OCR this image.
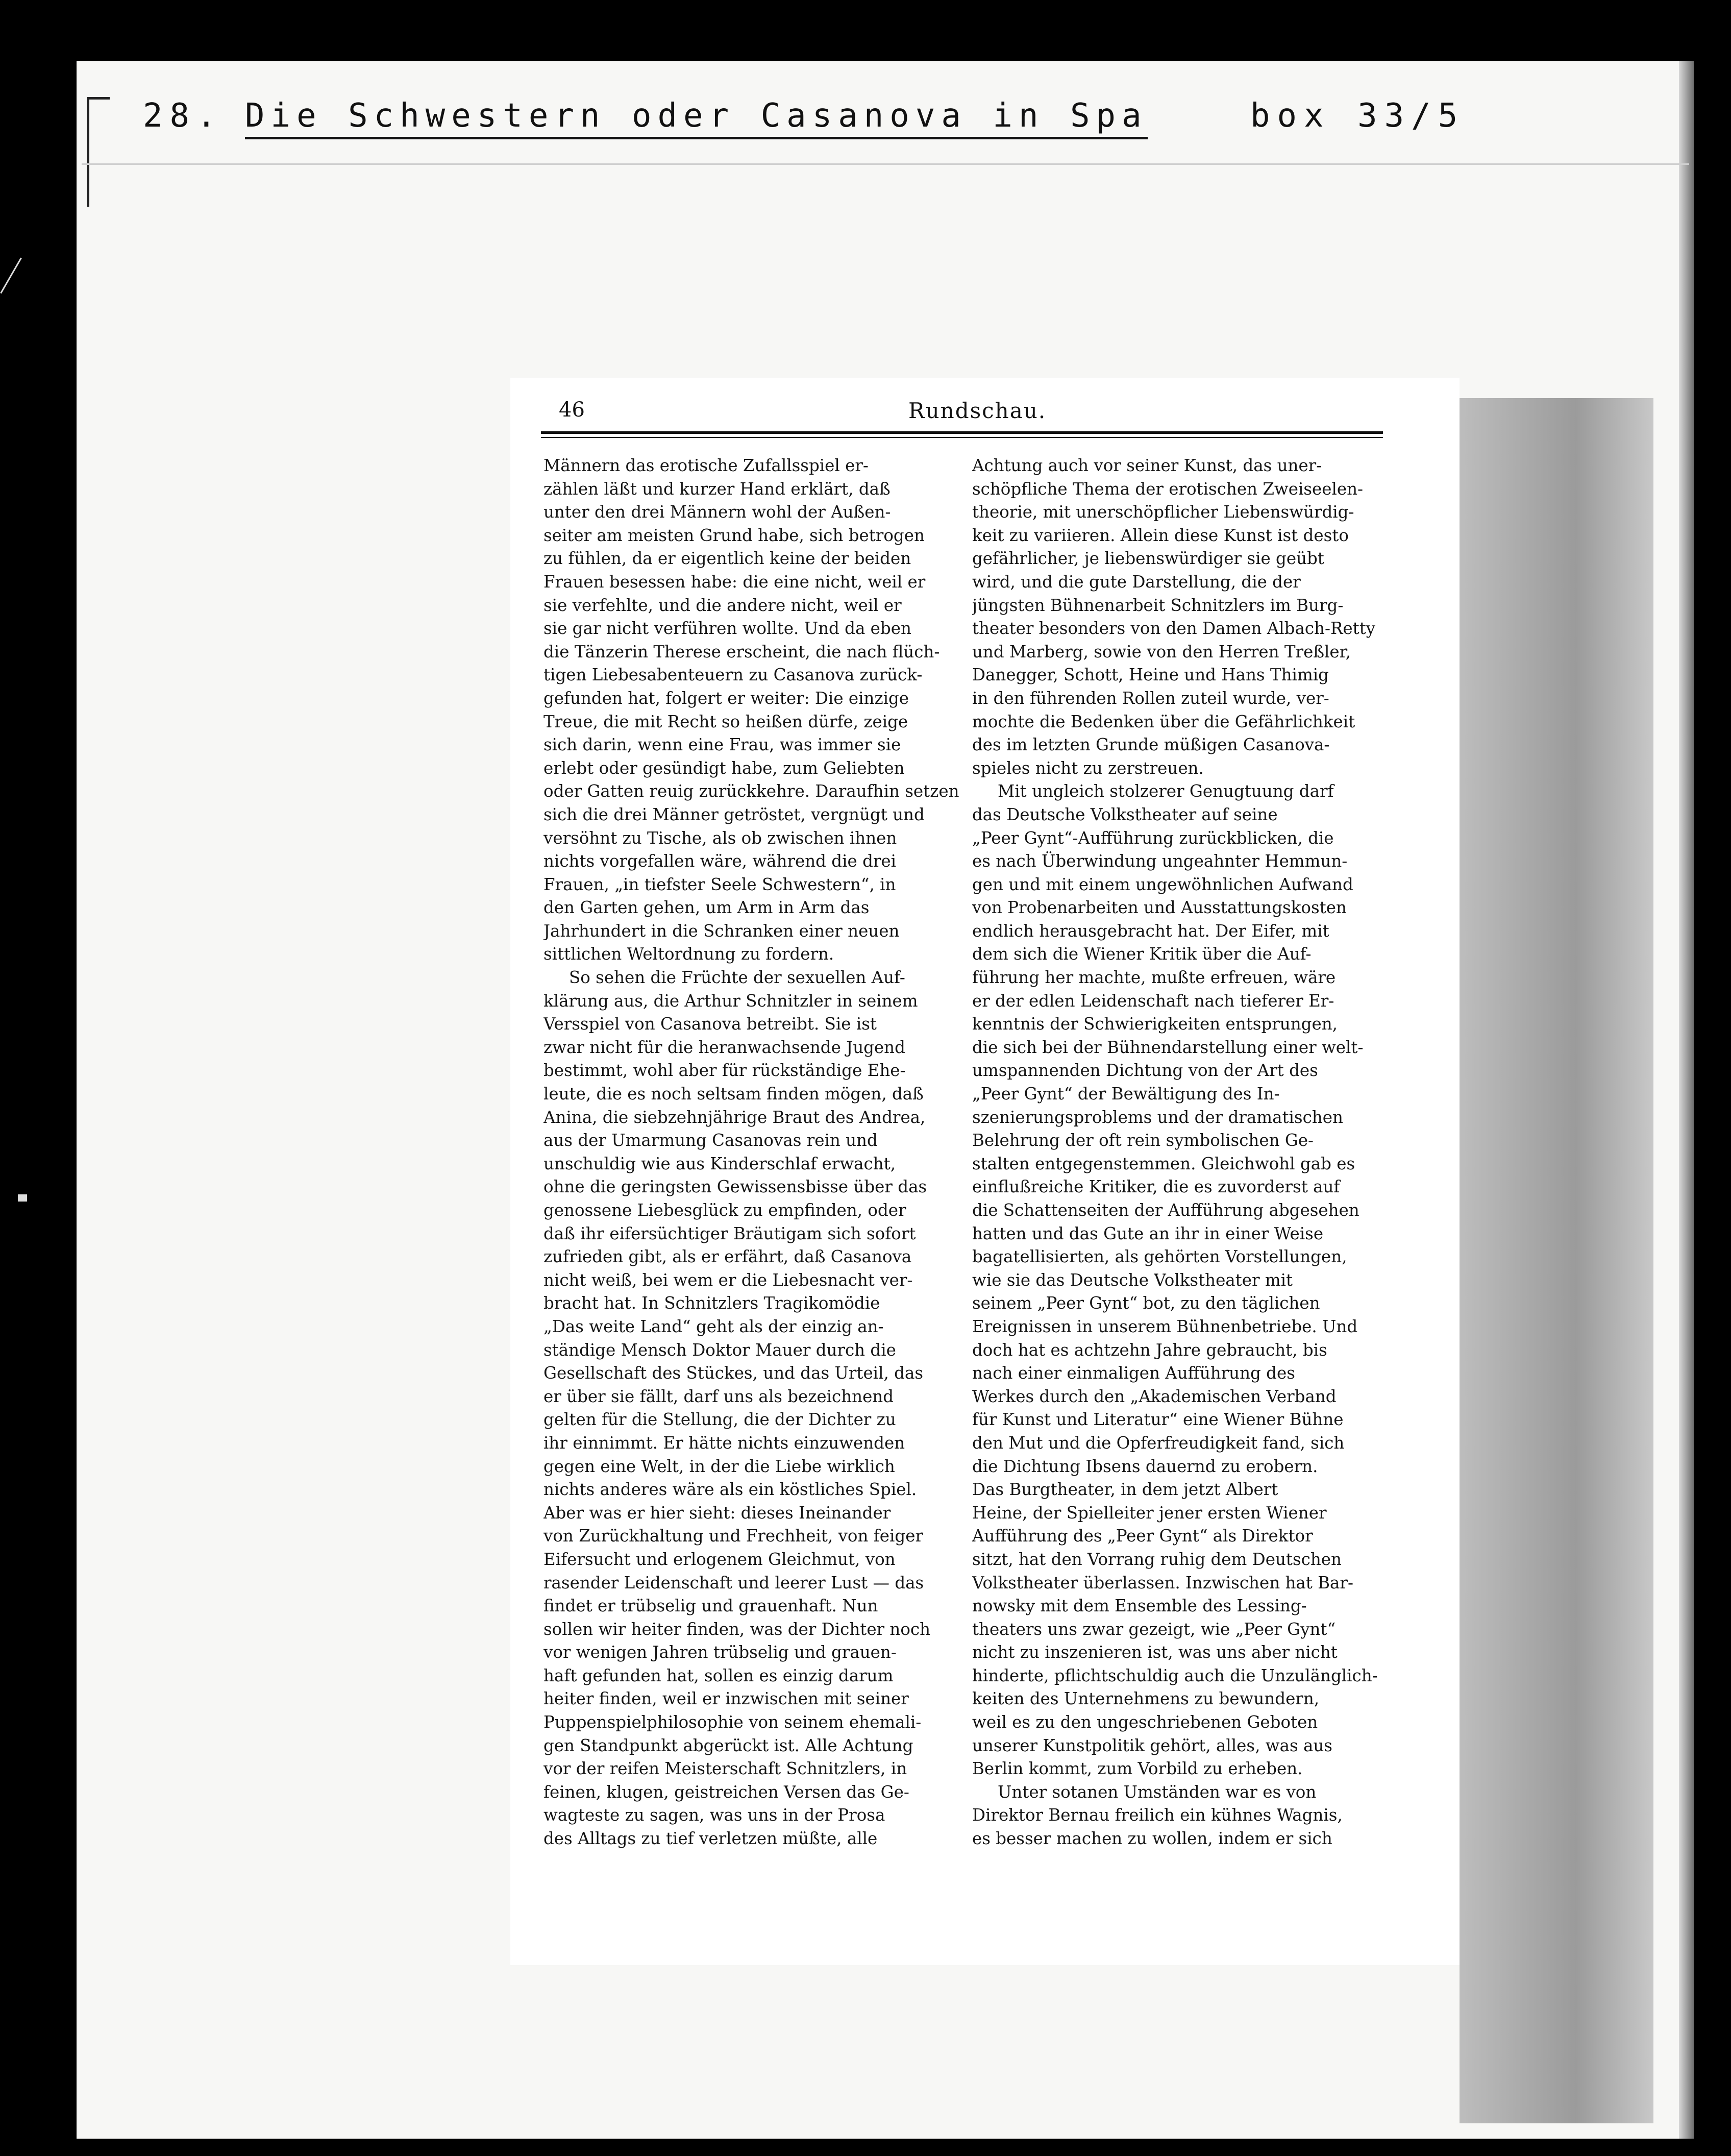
28. Die Schwestern oder Casanova in Spa	box 33/5
46	Rundschau.
Männern das erotische Zufallsspiel er-
zählen läßt und kurzer Hand erklärt, daß
unter den drei Männern wohl der Außen-
seiter am meisten Grund habe, sich betrogen
zu fühlen, da er eigentlich keine der beiden
Frauen besessen habe: die eine nicht, weil er
sie verfehlte, und die andere nicht, weil er
sie gar nicht verführen wollte. Und da eben
die Tänzerin Therese erscheint, die nach flüch-
tigen Liebesabenteuern zu Casanova zurück-
gefunden hat, folgert er weiter: Die einzige
Treue, die mit Recht so heißen dürfe, zeige
sich darin, wenn eine Frau, was immer sie
erlebt oder gesündigt habe, zum Geliebten
oder Gatten reuig zurückkehre. Daraufhin setzen
sich die drei Männer getröstet, vergnügt und
versöhnt zu Tische, als ob zwischen ihnen
nichts vorgefallen wäre, während die drei
Frauen, „in tiefster Seele Schwestern“, in
den Garten gehen, um Arm in Arm das
Jahrhundert in die Schranken einer neuen
sittlichen Weltordnung zu fordern.
So sehen die Früchte der sexuellen Auf-
klärung aus, die Arthur Schnitzler in seinem
Versspiel von Casanova betreibt. Sie ist
zwar nicht für die heranwachsende Jugend
bestimmt, wohl aber für rückständige Ehe-
leute, die es noch seltsam finden mögen, daß
Anina, die siebzehnjährige Braut des Andrea,
aus der Umarmung Casanovas rein und
unschuldig wie aus Kinderschlaf erwacht,
ohne die geringsten Gewissensbisse über das
genossene Liebesglück zu empfinden, oder
daß ihr eifersüchtiger Bräutigam sich sofort
zufrieden gibt, als er erfährt, daß Casanova
nicht weiß, bei wem er die Liebesnacht ver-
bracht hat. In Schnitzlers Tragikomödie
„Das weite Land“ geht als der einzig an-
ständige Mensch Doktor Mauer durch die
Gesellschaft des Stückes, und das Urteil, das
er über sie fällt, darf uns als bezeichnend
gelten für die Stellung, die der Dichter zu
ihr einnimmt. Er hätte nichts einzuwenden
gegen eine Welt, in der die Liebe wirklich
nichts anderes wäre als ein köstliches Spiel.
Aber was er hier sieht: dieses Ineinander
von Zurückhaltung und Frechheit, von feiger
Eifersucht und erlogenem Gleichmut, von
rasender Leidenschaft und leerer Lust — das
findet er trübselig und grauenhaft. Nun
sollen wir heiter finden, was der Dichter noch
vor wenigen Jahren trübselig und grauen-
haft gefunden hat, sollen es einzig darum
heiter finden, weil er inzwischen mit seiner
Puppenspielphilosophie von seinem ehemali-
gen Standpunkt abgerückt ist. Alle Achtung
vor der reifen Meisterschaft Schnitzlers, in
feinen, klugen, geistreichen Versen das Ge-
wagteste zu sagen, was uns in der Prosa
des Alltags zu tief verletzen müßte, alle
Achtung auch vor seiner Kunst, das uner-
schöpfliche Thema der erotischen Zweiseelen-
theorie, mit unerschöpflicher Liebenswürdig-
keit zu variieren. Allein diese Kunst ist desto
gefährlicher, je liebenswürdiger sie geübt
wird, und die gute Darstellung, die der
jüngsten Bühnenarbeit Schnitzlers im Burg-
theater besonders von den Damen Albach-Retty
und Marberg, sowie von den Herren Treßler,
Danegger, Schott, Heine und Hans Thimig
in den führenden Rollen zuteil wurde, ver-
mochte die Bedenken über die Gefährlichkeit
des im letzten Grunde müßigen Casanova-
spieles nicht zu zerstreuen.
Mit ungleich stolzerer Genugtuung darf
das Deutsche Volkstheater auf seine
„Peer Gynt“-Aufführung zurückblicken, die
es nach Überwindung ungeahnter Hemmun-
gen und mit einem ungewöhnlichen Aufwand
von Probenarbeiten und Ausstattungskosten
endlich herausgebracht hat. Der Eifer, mit
dem sich die Wiener Kritik über die Auf-
führung her machte, mußte erfreuen, wäre
er der edlen Leidenschaft nach tieferer Er-
kenntnis der Schwierigkeiten entsprungen,
die sich bei der Bühnendarstellung einer welt-
umspannenden Dichtung von der Art des
„Peer Gynt“ der Bewältigung des In-
szenierungsproblems und der dramatischen
Belehrung der oft rein symbolischen Ge-
stalten entgegenstemmen. Gleichwohl gab es
einflußreiche Kritiker, die es zuvorderst auf
die Schattenseiten der Aufführung abgesehen
hatten und das Gute an ihr in einer Weise
bagatellisierten, als gehörten Vorstellungen,
wie sie das Deutsche Volkstheater mit
seinem „Peer Gynt“ bot, zu den täglichen
Ereignissen in unserem Bühnenbetriebe. Und
doch hat es achtzehn Jahre gebraucht, bis
nach einer einmaligen Aufführung des
Werkes durch den „Akademischen Verband
für Kunst und Literatur“ eine Wiener Bühne
den Mut und die Opferfreudigkeit fand, sich
die Dichtung Ibsens dauernd zu erobern.
Das Burgtheater, in dem jetzt Albert
Heine, der Spielleiter jener ersten Wiener
Aufführung des „Peer Gynt“ als Direktor
sitzt, hat den Vorrang ruhig dem Deutschen
Volkstheater überlassen. Inzwischen hat Bar-
nowsky mit dem Ensemble des Lessing-
theaters uns zwar gezeigt, wie „Peer Gynt“
nicht zu inszenieren ist, was uns aber nicht
hinderte, pflichtschuldig auch die Unzulänglich-
keiten des Unternehmens zu bewundern,
weil es zu den ungeschriebenen Geboten
unserer Kunstpolitik gehört, alles, was aus
Berlin kommt, zum Vorbild zu erheben.
Unter sotanen Umständen war es von
Direktor Bernau freilich ein kühnes Wagnis,
es besser machen zu wollen, indem er sich
